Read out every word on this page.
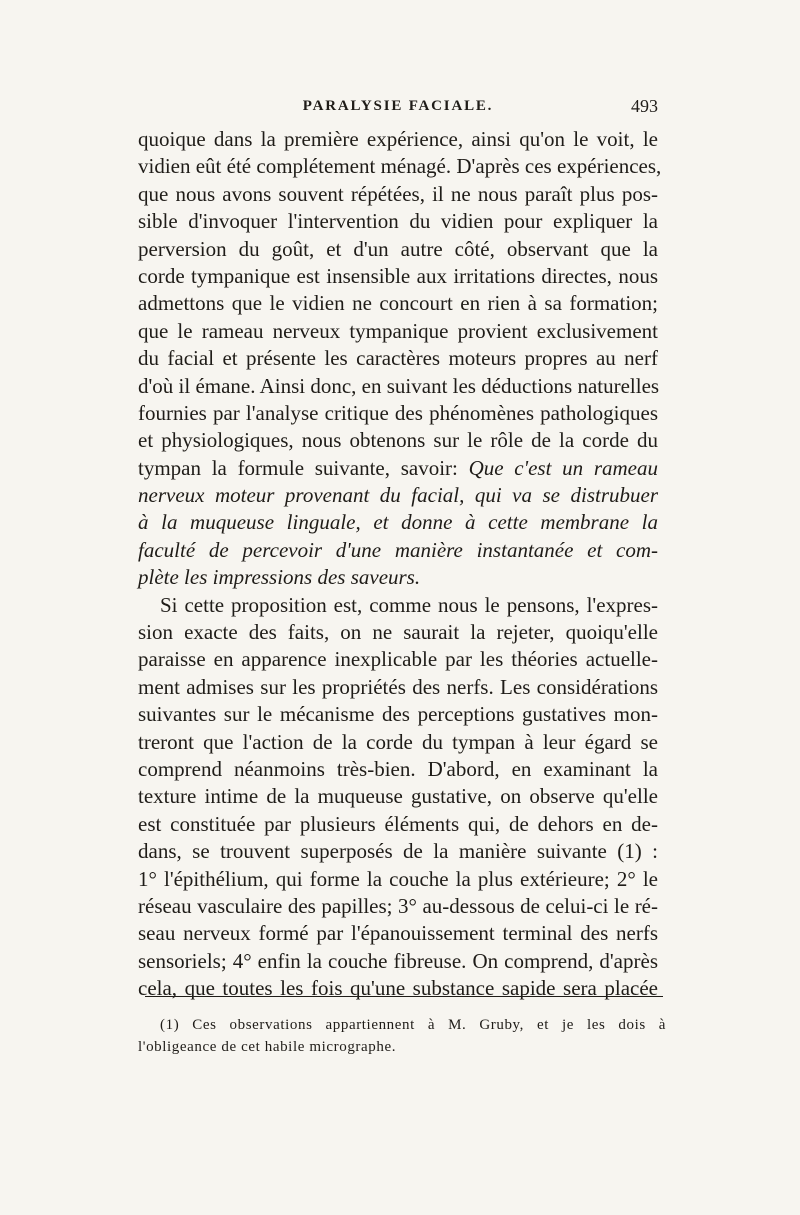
PARALYSIE FACIALE.	493
quoique dans la première expérience, ainsi qu'on le voit, le
vidien eût été complétement ménagé. D'après ces expériences,
que nous avons souvent répétées, il ne nous paraît plus pos-
sible d'invoquer l'intervention du vidien pour expliquer la
perversion du goût, et d'un autre côté, observant que la
corde tympanique est insensible aux irritations directes, nous
admettons que le vidien ne concourt en rien à sa formation;
que le rameau nerveux tympanique provient exclusivement
du facial et présente les caractères moteurs propres au nerf
d'où il émane. Ainsi donc, en suivant les déductions naturelles
fournies par l'analyse critique des phénomènes pathologiques
et physiologiques, nous obtenons sur le rôle de la corde du
tympan la formule suivante, savoir: Que c'est un rameau
nerveux moteur provenant du facial, qui va se distrubuer
à la muqueuse linguale, et donne à cette membrane la
faculté de percevoir d'une manière instantanée et com-
plète les impressions des saveurs.
Si cette proposition est, comme nous le pensons, l'expres-
sion exacte des faits, on ne saurait la rejeter, quoiqu'elle
paraisse en apparence inexplicable par les théories actuelle-
ment admises sur les propriétés des nerfs. Les considérations
suivantes sur le mécanisme des perceptions gustatives mon-
treront que l'action de la corde du tympan à leur égard se
comprend néanmoins très-bien. D'abord, en examinant la
texture intime de la muqueuse gustative, on observe qu'elle
est constituée par plusieurs éléments qui, de dehors en de-
dans, se trouvent superposés de la manière suivante (1) :
1° l'épithélium, qui forme la couche la plus extérieure; 2° le
réseau vasculaire des papilles; 3° au-dessous de celui-ci le ré-
seau nerveux formé par l'épanouissement terminal des nerfs
sensoriels; 4° enfin la couche fibreuse. On comprend, d'après
cela, que toutes les fois qu'une substance sapide sera placée
(1) Ces observations appartiennent à M. Gruby, et je les dois à
l'obligeance de cet habile micrographe.
